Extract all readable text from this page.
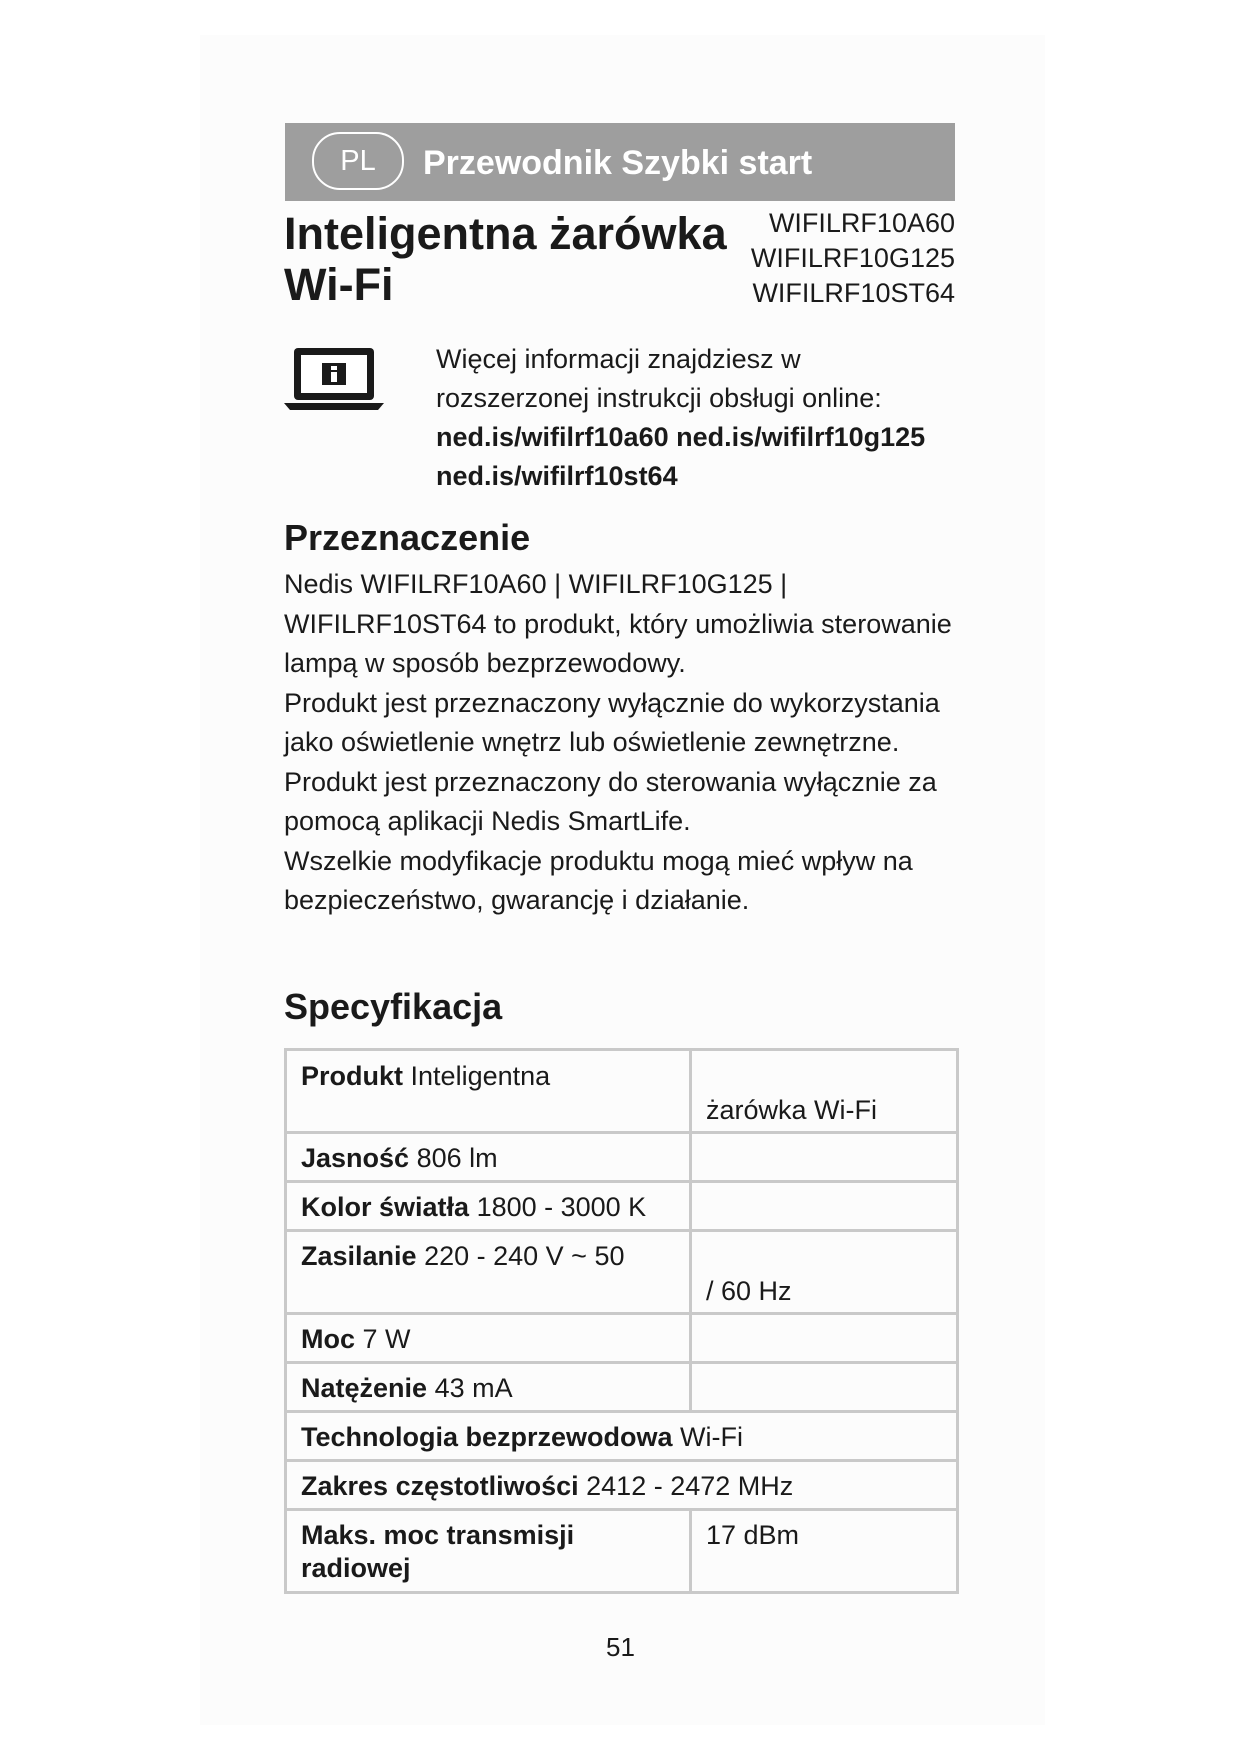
PL	Przewodnik Szybki start
Inteligentna żarówka
Wi-Fi
WIFILRF10A60
WIFILRF10G125
WIFILRF10ST64
Więcej informacji znajdziesz w
rozszerzonej instrukcji obsługi online:
ned.is/wifilrf10a60 ned.is/wifilrf10g125
ned.is/wifilrf10st64
Przeznaczenie

Nedis WIFILRF10A60 | WIFILRF10G125 | WIFILRF10ST64 to produkt, który umożliwia sterowanie lampą w sposób bezprzewodowy.

Produkt jest przeznaczony wyłącznie do wykorzystania jako oświetlenie wnętrz lub oświetlenie zewnętrzne.

Produkt jest przeznaczony do sterowania wyłącznie za pomocą aplikacji Nedis SmartLife.

Wszelkie modyfikacje produktu mogą mieć wpływ na bezpieczeństwo, gwarancję i działanie.

Specyfikacja
Produkt Inteligentna	żarówka Wi-Fi
Jasność 806 lm	
Kolor światła 1800 - 3000 K	
Zasilanie 220 - 240 V ~ 50	/ 60 Hz
Moc 7 W	
Natężenie 43 mA	
Technologia bezprzewodowa Wi-Fi	
Zakres częstotliwości 2412 - 2472 MHz	
Maks. moc transmisji radiowej	17 dBm
51
